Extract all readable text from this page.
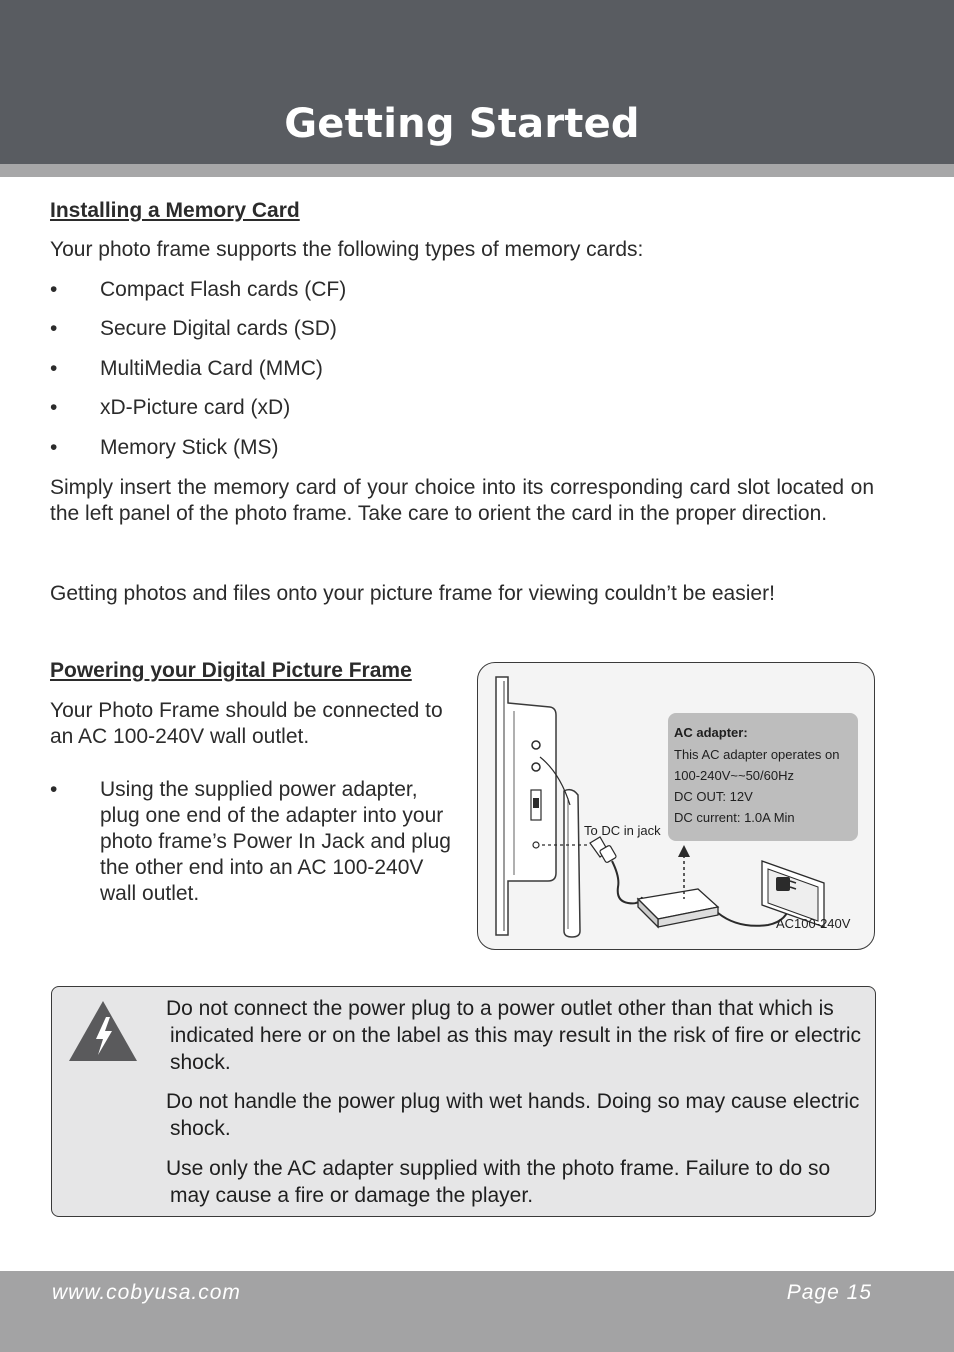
Getting Started
Installing a Memory Card
Your photo frame supports the following types of memory cards:
• Compact Flash cards (CF)
• Secure Digital cards (SD)
• MultiMedia Card (MMC)
• xD-Picture card (xD)
• Memory Stick (MS)
Simply insert the memory card of your choice into its corresponding card slot located on the left panel of the photo frame. Take care to orient the card in the proper direction.
Getting photos and files onto your picture frame for viewing couldn’t be easier!
Powering your Digital Picture Frame
Your Photo Frame should be connected to an AC 100-240V wall outlet.
• Using the supplied power adapter, plug one end of the adapter into your photo frame’s Power In Jack and plug the other end into an AC 100-240V wall outlet.
AC adapter:
This AC adapter operates on
100-240V~~50/60Hz
DC OUT: 12V
DC current: 1.0A Min
To DC in jack
AC100-240V
Do not connect the power plug to a power outlet other than that which is indicated here or on the label as this may result in the risk of fire or electric shock.
Do not handle the power plug with wet hands. Doing so may cause electric shock.
Use only the AC adapter supplied with the photo frame. Failure to do so may cause a fire or damage the player.
www.cobyusa.com	Page 15
